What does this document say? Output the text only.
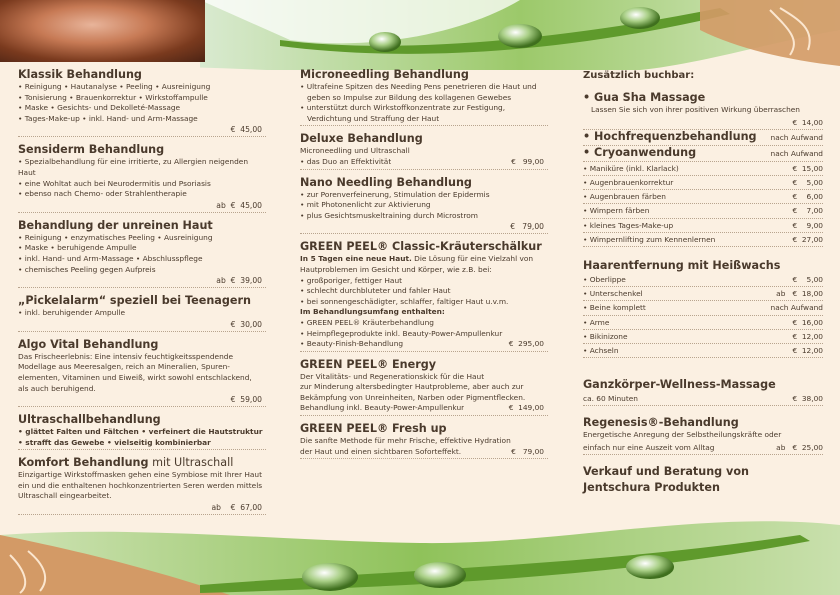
Klassik Behandlung
• Reinigung • Hautanalyse • Peeling • Ausreinigung
• Tonisierung • Brauenkorrektur • Wirkstoffampulle
• Maske • Gesichts- und Dekolleté-Massage
• Tages-Make-up • inkl. Hand- und Arm-Massage
€  45,00
Sensiderm Behandlung
• Spezialbehandlung für eine irritierte, zu Allergien neigenden Haut
• eine Wohltat auch bei Neurodermitis und Psoriasis
• ebenso nach Chemo- oder Strahlentherapie
ab  €  45,00
Behandlung der unreinen Haut
• Reinigung • enzymatisches Peeling • Ausreinigung
• Maske • beruhigende Ampulle
• inkl. Hand- und Arm-Massage • Abschlusspflege
• chemisches Peeling gegen Aufpreis
ab  €  39,00
„Pickelalarm“ speziell bei Teenagern
• inkl. beruhigender Ampulle
€  30,00
Algo Vital Behandlung
Das Frischeerlebnis: Eine intensiv feuchtigkeitsspendende
Modellage aus Meeresalgen, reich an Mineralien, Spuren-
elementen, Vitaminen und Eiweiß, wirkt sowohl entschlackend,
als auch beruhigend.
€  59,00
Ultraschallbehandlung
• glättet Falten und Fältchen • verfeinert die Hautstruktur
• strafft das Gewebe • vielseitig kombinierbar
Komfort Behandlung mit Ultraschall
Einzigartige Wirkstoffmasken gehen eine Symbiose mit Ihrer Haut
ein und die enthaltenen hochkonzentrierten Seren werden mittels
Ultraschall eingearbeitet.
ab    €  67,00
Microneedling Behandlung
• Ultrafeine Spitzen des Needing Pens penetrieren die Haut und
geben so Impulse zur Bildung des kollagenen Gewebes
• unterstützt durch Wirkstoffkonzentrate zur Festigung,
Verdichtung und Straffung der Haut
Deluxe Behandlung
Microneedling und Ultraschall
• das Duo an Effektivität	€   99,00
Nano Needling Behandlung
• zur Porenverfeinerung, Stimulation der Epidermis
• mit Photonenlicht zur Aktivierung
• plus Gesichtsmuskeltraining durch Microstrom
€   79,00
GREEN PEEL® Classic-Kräuterschälkur
In 5 Tagen eine neue Haut. Die Lösung für eine Vielzahl von
Hautproblemen im Gesicht und Körper, wie z.B. bei:
• großporiger, fettiger Haut
• schlecht durchbluteter und fahler Haut
• bei sonnengeschädigter, schlaffer, faltiger Haut u.v.m.
Im Behandlungsumfang enthalten:
• GREEN PEEL® Kräuterbehandlung
• Heimpflegeprodukte inkl. Beauty-Power-Ampullenkur
• Beauty-Finish-Behandlung	€  295,00
GREEN PEEL® Energy
Der Vitalitäts- und Regenerationskick für die Haut
zur Minderung altersbedingter Hautprobleme, aber auch zur
Bekämpfung von Unreinheiten, Narben oder Pigmentflecken.
Behandlung inkl. Beauty-Power-Ampullenkur	€  149,00
GREEN PEEL® Fresh up
Die sanfte Methode für mehr Frische, effektive Hydration
der Haut und einen sichtbaren Soforteffekt.	€   79,00
Zusätzlich buchbar:
• Gua Sha Massage
Lassen Sie sich von ihrer positiven Wirkung überraschen
€  14,00
• Hochfrequenzbehandlung nach Aufwand
• Cryoanwendung	nach Aufwand
• Maniküre (inkl. Klarlack)	€  15,00
• Augenbrauenkorrektur	€    5,00
• Augenbrauen färben	€    6,00
• Wimpern färben	€    7,00
• kleines Tages-Make-up	€    9,00
• Wimpernlifting zum Kennenlernen	€  27,00
Haarentfernung mit Heißwachs
• Oberlippe	€    5,00
• Unterschenkel	ab   €  18,00
• Beine komplett	nach Aufwand
• Arme	€  16,00
• Bikinizone	€  12,00
• Achseln	€  12,00
Ganzkörper-Wellness-Massage
ca. 60 Minuten	€  38,00
Regenesis®-Behandlung
Energetische Anregung der Selbstheilungskräfte oder
einfach nur eine Auszeit vom Alltag	ab   €  25,00
Verkauf und Beratung von
Jentschura Produkten
